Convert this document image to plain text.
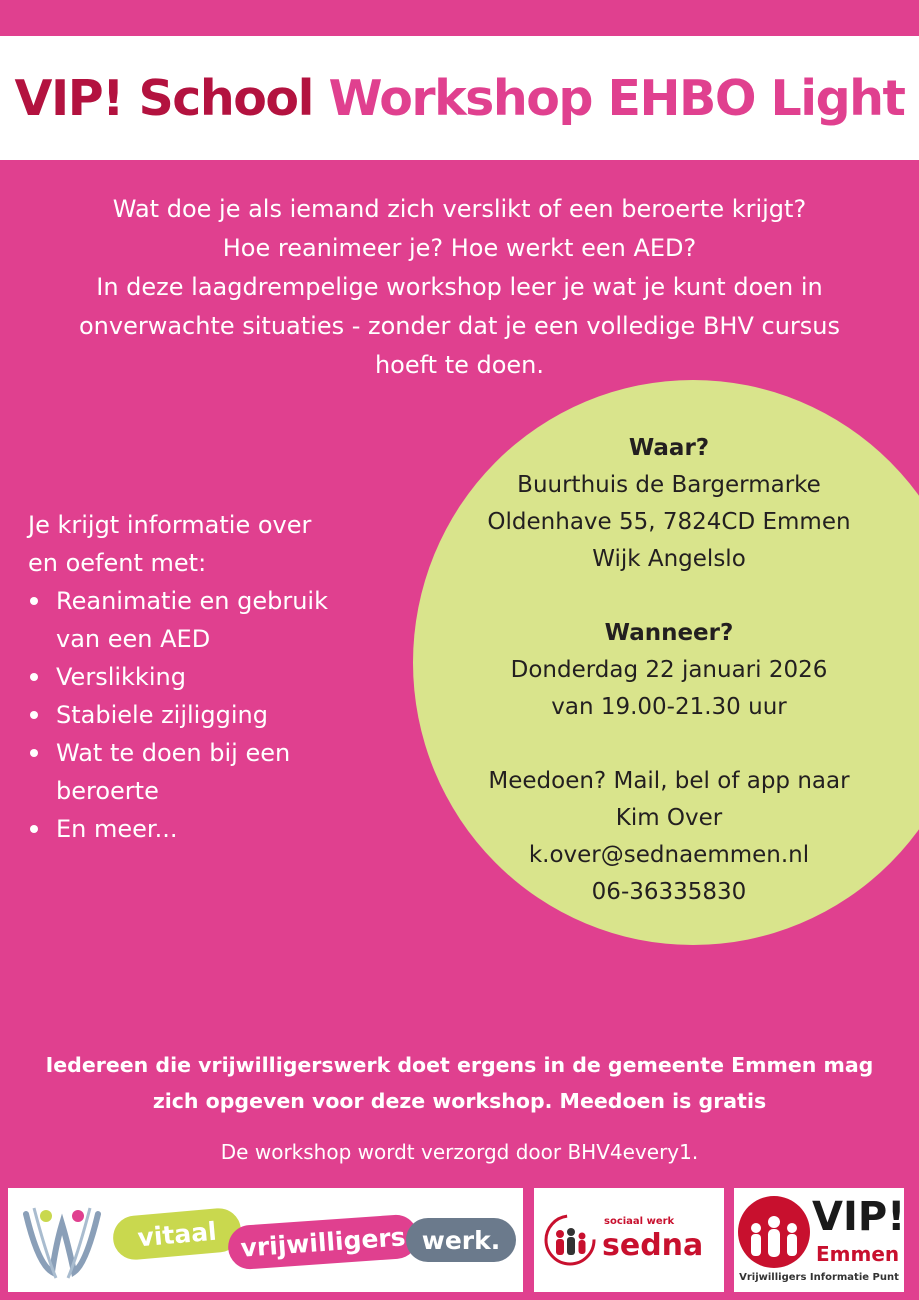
VIP! School Workshop EHBO Light
Wat doe je als iemand zich verslikt of een beroerte krijgt?
Hoe reanimeer je? Hoe werkt een AED?
In deze laagdrempelige workshop leer je wat je kunt doen in
onverwachte situaties - zonder dat je een volledige BHV cursus
hoeft te doen.
Waar?
Buurthuis de Bargermarke
Oldenhave 55, 7824CD Emmen
Wijk Angelslo
Wanneer?
Donderdag 22 januari 2026
van 19.00-21.30 uur
Meedoen? Mail, bel of app naar
Kim Over
k.over@sednaemmen.nl
06-36335830
Je krijgt informatie over
en oefent met:
Reanimatie en gebruik
van een AED
Verslikking
Stabiele zijligging
Wat te doen bij een
beroerte
En meer...
Iedereen die vrijwilligerswerk doet ergens in de gemeente Emmen mag
zich opgeven voor deze workshop. Meedoen is gratis
De workshop wordt verzorgd door BHV4every1.
vitaal vrijwilligers werk.
sociaal werk
sedna
VIP!
Emmen
Vrijwilligers Informatie Punt
